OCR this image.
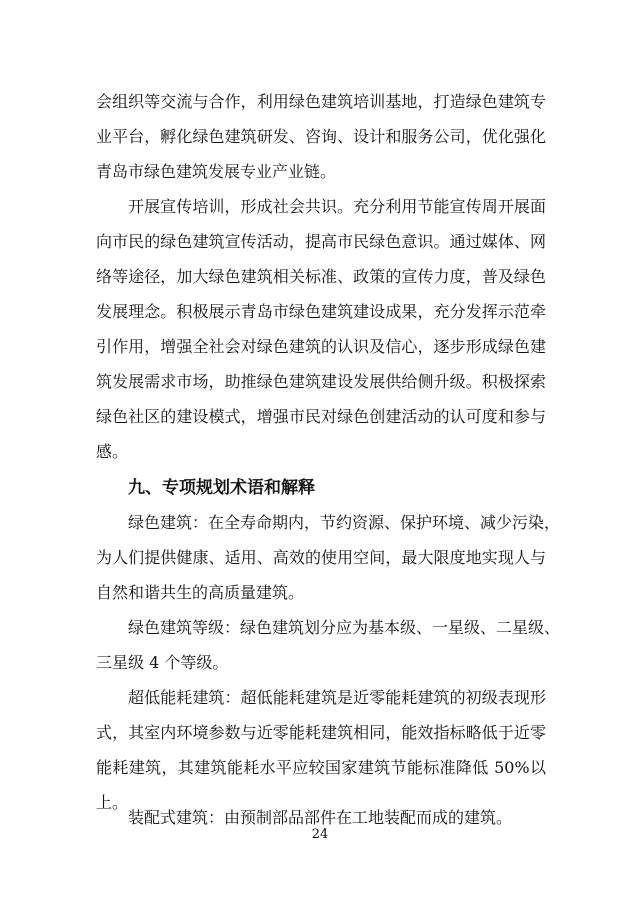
会组织等交流与合作，利用绿色建筑培训基地，打造绿色建筑专
业平台，孵化绿色建筑研发、咨询、设计和服务公司，优化强化
青岛市绿色建筑发展专业产业链。
开展宣传培训，形成社会共识。充分利用节能宣传周开展面
向市民的绿色建筑宣传活动，提高市民绿色意识。通过媒体、网
络等途径，加大绿色建筑相关标准、政策的宣传力度，普及绿色
发展理念。积极展示青岛市绿色建筑建设成果，充分发挥示范牵
引作用，增强全社会对绿色建筑的认识及信心，逐步形成绿色建
筑发展需求市场，助推绿色建筑建设发展供给侧升级。积极探索
绿色社区的建设模式，增强市民对绿色创建活动的认可度和参与
感。
九、专项规划术语和解释
绿色建筑：在全寿命期内，节约资源、保护环境、减少污染，
为人们提供健康、适用、高效的使用空间，最大限度地实现人与
自然和谐共生的高质量建筑。
绿色建筑等级：绿色建筑划分应为基本级、一星级、二星级、
三星级 4 个等级。
超低能耗建筑：超低能耗建筑是近零能耗建筑的初级表现形
式，其室内环境参数与近零能耗建筑相同，能效指标略低于近零
能耗建筑，其建筑能耗水平应较国家建筑节能标准降低 50%以
上。
装配式建筑：由预制部品部件在工地装配而成的建筑。
24
